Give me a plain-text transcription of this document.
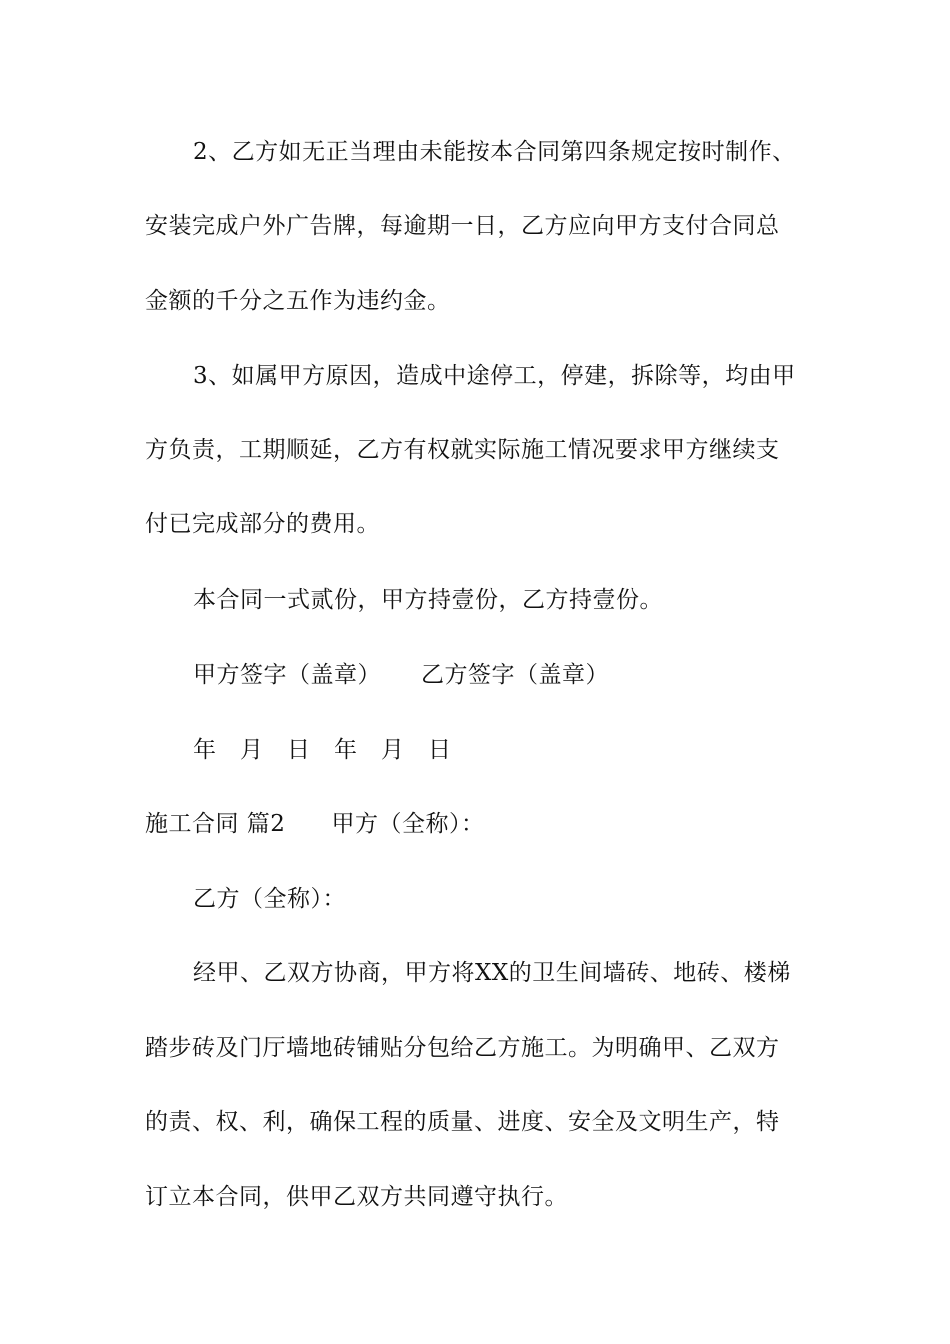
2、乙方如无正当理由未能按本合同第四条规定按时制作、
安装完成户外广告牌，每逾期一日，乙方应向甲方支付合同总
金额的千分之五作为违约金。
3、如属甲方原因，造成中途停工，停建，拆除等，均由甲
方负责，工期顺延，乙方有权就实际施工情况要求甲方继续支
付已完成部分的费用。
本合同一式贰份，甲方持壹份，乙方持壹份。
甲方签字（盖章） 乙方签字（盖章）
年　月　日　年　月　日
施工合同 篇2 甲方（全称）：
乙方（全称）：
经甲、乙双方协商，甲方将XX的卫生间墙砖、地砖、楼梯
踏步砖及门厅墙地砖铺贴分包给乙方施工。为明确甲、乙双方
的责、权、利，确保工程的质量、进度、安全及文明生产，特
订立本合同，供甲乙双方共同遵守执行。
